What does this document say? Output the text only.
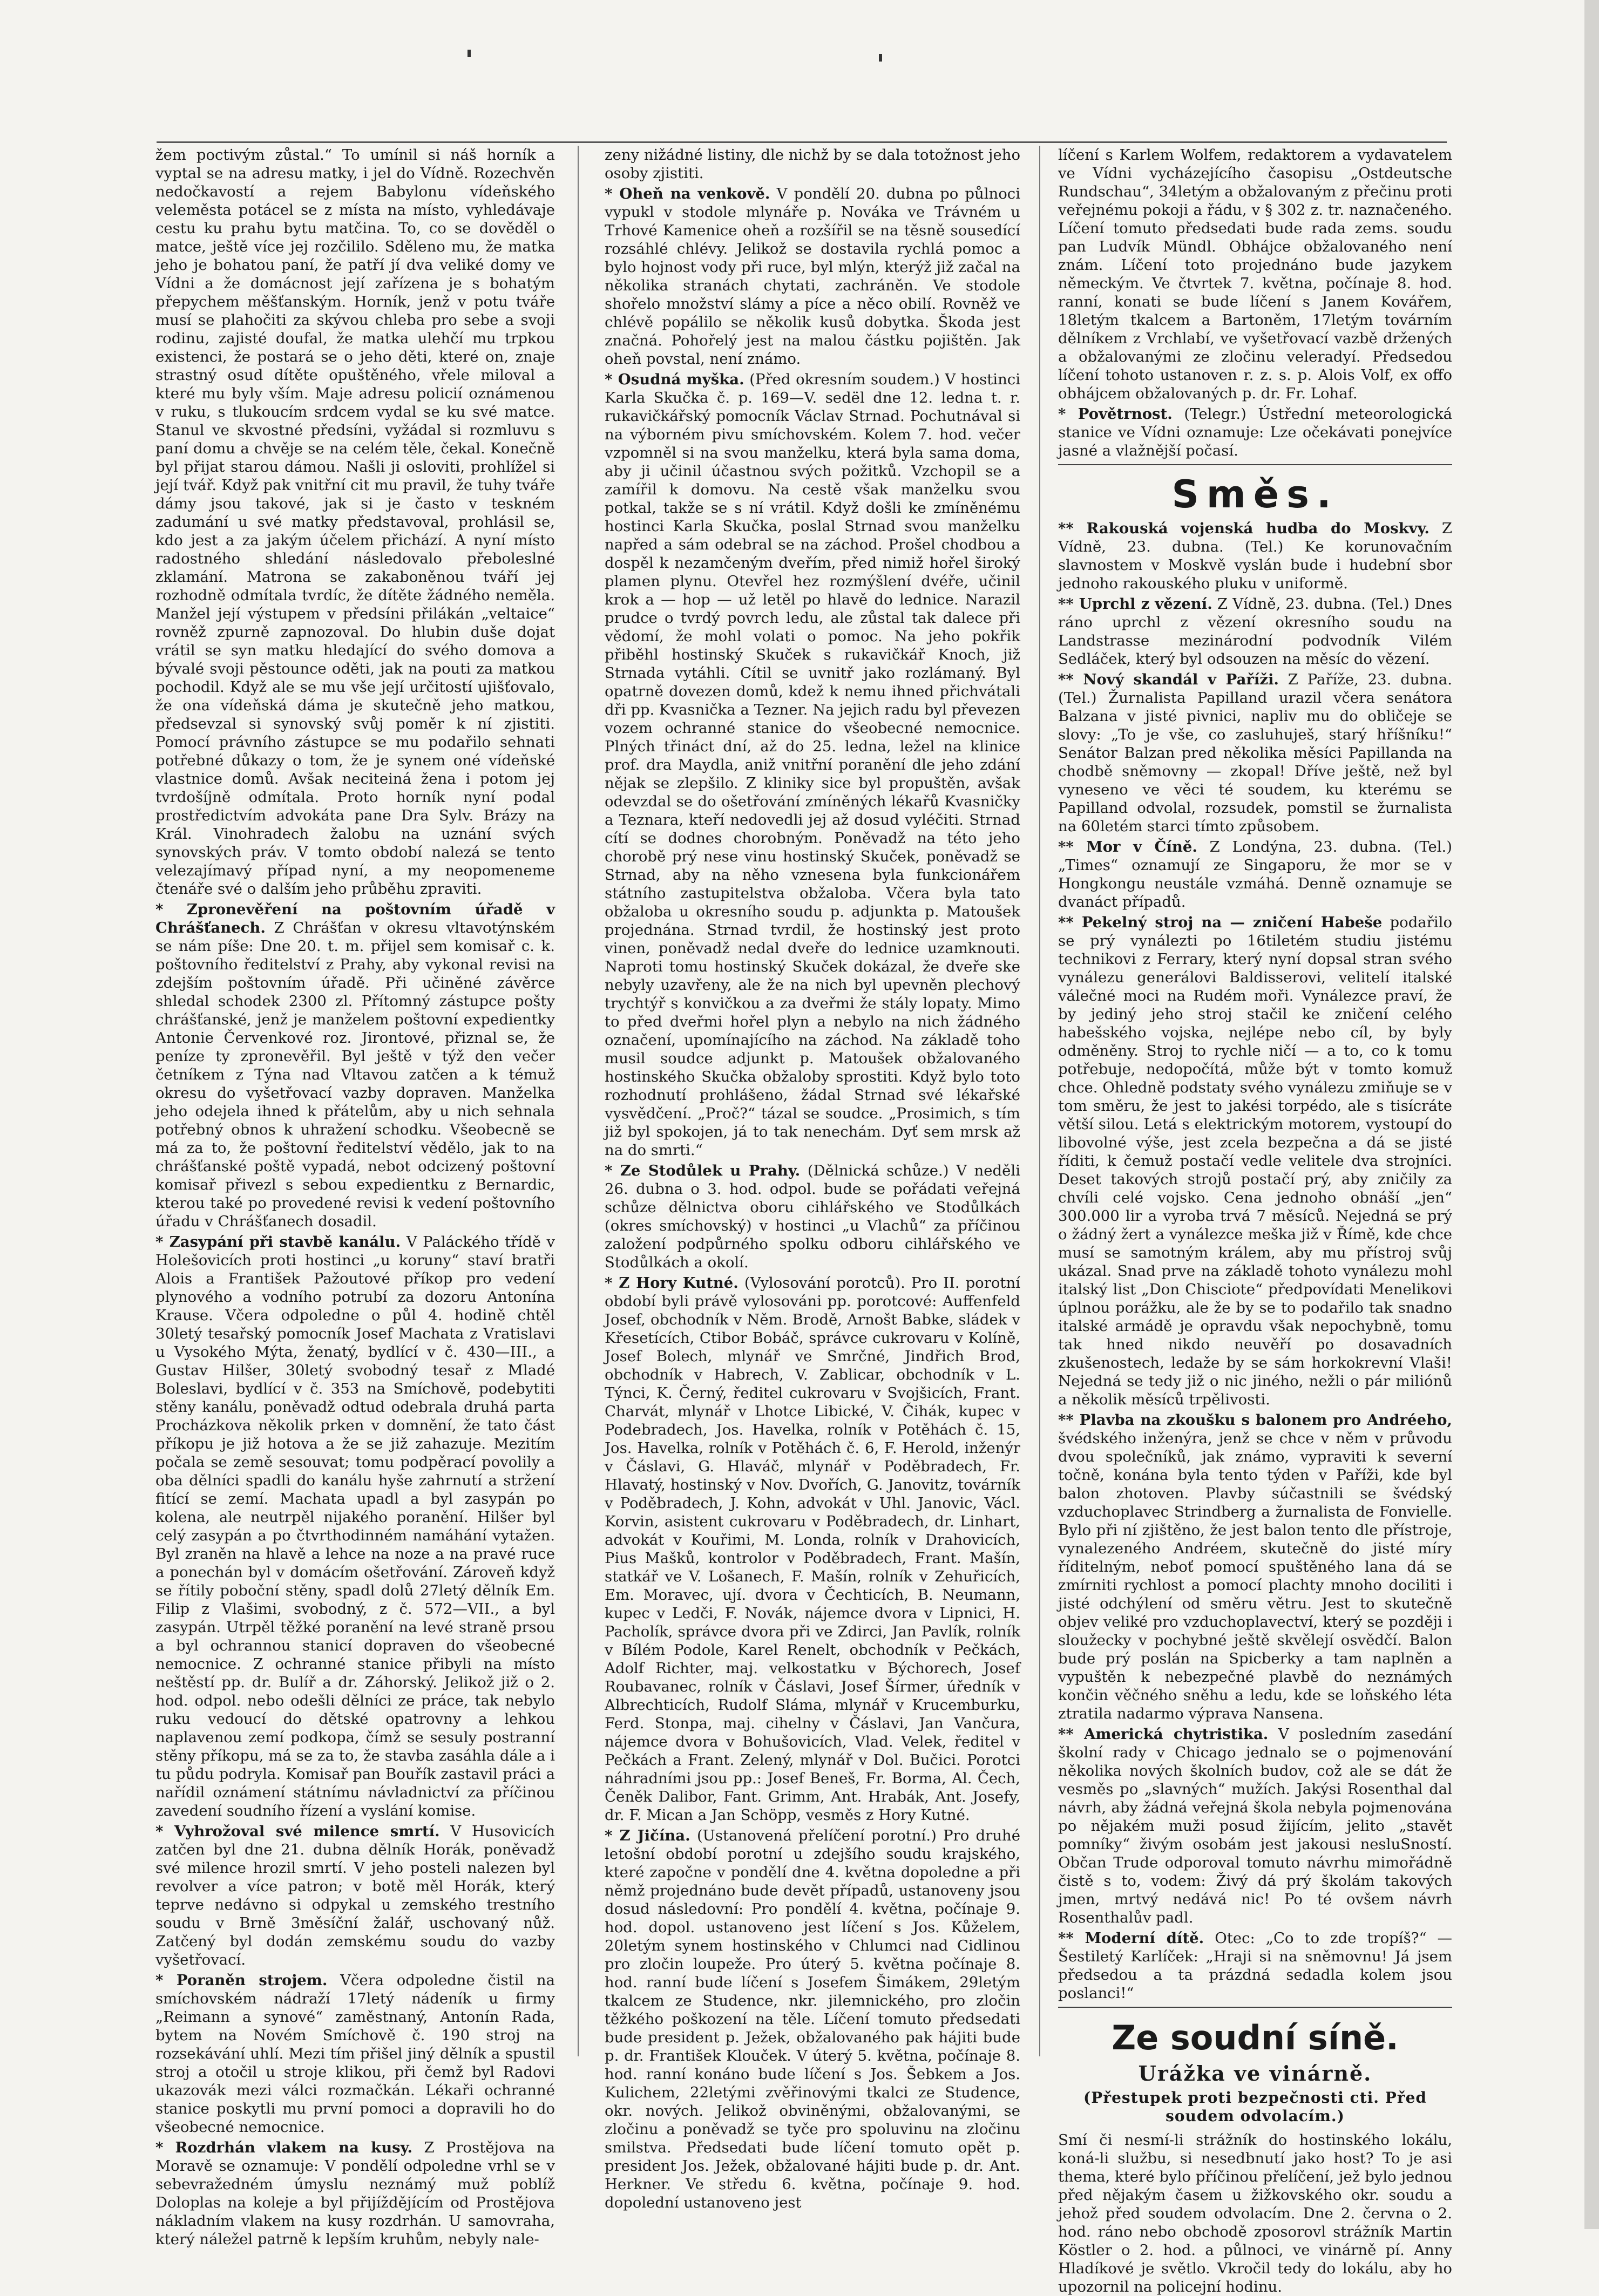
žem poctivým zůstal.“ To umínil si náš horník a vyptal se na adresu matky, i jel do Vídně. Rozechvěn nedočkavostí a rejem Babylonu vídeňského veleměsta potácel se z místa na místo, vyhledávaje cestu ku prahu bytu matčina. To, co se dověděl o matce, ještě více jej rozčililo. Sděleno mu, že matka jeho je bohatou paní, že patří jí dva veliké domy ve Vídni a že domácnost její zařízena je s bohatým přepychem měšťanským. Horník, jenž v potu tváře musí se plahočiti za skývou chleba pro sebe a svoji rodinu, zajisté doufal, že matka ulehčí mu trpkou existenci, že postará se o jeho děti, které on, znaje strastný osud dítěte opuštěného, vřele miloval a které mu byly vším. Maje adresu policií oznámenou v ruku, s tlukoucím srdcem vydal se ku své matce. Stanul ve skvostné předsíni, vyžádal si rozmluvu s paní domu a chvěje se na celém těle, čekal. Konečně byl přijat starou dámou. Našli ji osloviti, prohlížel si její tvář. Když pak vnitřní cit mu pravil, že tuhy tváře dámy jsou takové, jak si je často v teskném zadumání u své matky představoval, prohlásil se, kdo jest a za jakým účelem přichází. A nyní místo radostného shledání následovalo přeboleslné zklamání. Matrona se zakaboněnou tváří jej rozhodně odmítala tvrdíc, že dítěte žádného neměla. Manžel její výstupem v předsíni přilákán „veltaice“ rovněž zpurně zapnozoval. Do hlubin duše dojat vrátil se syn matku hledající do svého domova a bývalé svoji pěstounce oděti, jak na pouti za matkou pochodil. Když ale se mu vše její určitostí ujišťovalo, že ona vídeňská dáma je skutečně jeho matkou, předsevzal si synovský svůj poměr k ní zjistiti. Pomocí právního zástupce se mu podařilo sehnati potřebné důkazy o tom, že je synem oné vídeňské vlastnice domů. Avšak neciteiná žena i potom jej tvrdošíjně odmítala. Proto horník nyní podal prostředictvím advokáta pane Dra Sylv. Brázy na Král. Vinohradech žalobu na uznání svých synovských práv. V tomto období nalezá se tento velezajímavý případ nyní, a my neopomeneme čtenáře své o dalším jeho průběhu zpraviti.

* Zpronevěření na poštovním úřadě v Chrášťanech. Z Chrášťan v okresu vltavotýnském se nám píše: Dne 20. t. m. přijel sem komisař c. k. poštovního ředitelství z Prahy, aby vykonal revisi na zdejším poštovním úřadě. Při učiněné závěrce shledal schodek 2300 zl. Přítomný zástupce pošty chrášťanské, jenž je manželem poštovní expedientky Antonie Červenkové roz. Jirontové, přiznal se, že peníze ty zpronevěřil. Byl ještě v týž den večer četníkem z Týna nad Vltavou zatčen a k témuž okresu do vyšetřovací vazby dopraven. Manželka jeho odejela ihned k přátelům, aby u nich sehnala potřebný obnos k uhražení schodku. Všeobecně se má za to, že poštovní ředitelství vědělo, jak to na chrášťanské poště vypadá, nebot odcizený poštovní komisař přivezl s sebou expedientku z Bernardic, kterou také po provedené revisi k vedení poštovního úřadu v Chrášťanech dosadil.

* Zasypání při stavbě kanálu. V Paláckého třídě v Holešovicích proti hostinci „u koruny“ staví bratři Alois a František Pažoutové příkop pro vedení plynového a vodního potrubí za dozoru Antonína Krause. Včera odpoledne o půl 4. hodině chtěl 30letý tesařský pomocník Josef Machata z Vratislavi u Vysokého Mýta, ženatý, bydlící v č. 430—III., a Gustav Hilšer, 30letý svobodný tesař z Mladé Boleslavi, bydlící v č. 353 na Smíchově, podebytiti stěny kanálu, poněvadž odtud odebrala druhá parta Procházkova několik prken v domnění, že tato část příkopu je již hotova a že se již zahazuje. Mezitím počala se země sesouvat; tomu podpěrací povolily a oba dělníci spadli do kanálu hyše zahrnutí a stržení fitící se zemí. Machata upadl a byl zasypán po kolena, ale neutrpěl nijakého poranění. Hilšer byl celý zasypán a po čtvrthodinném namáhání vytažen. Byl zraněn na hlavě a lehce na noze a na pravé ruce a ponechán byl v domácím ošetřování. Zároveň když se řítily poboční stěny, spadl dolů 27letý dělník Em. Filip z Vlašimi, svobodný, z č. 572—VII., a byl zasypán. Utrpěl těžké poranění na levé straně prsou a byl ochrannou stanicí dopraven do všeobecné nemocnice. Z ochranné stanice přibyli na místo neštěstí pp. dr. Bulíř a dr. Záhorský. Jelikož již o 2. hod. odpol. nebo odešli dělníci ze práce, tak nebylo ruku vedoucí do dětské opatrovny a lehkou naplavenou zemí podkopa, čímž se sesuly postranní stěny příkopu, má se za to, že stavba zasáhla dále a i tu půdu podryla. Komisař pan Bouřík zastavil práci a nařídil oznámení státnímu návladnictví za příčinou zavedení soudního řízení a vyslání komise.

* Vyhrožoval své milence smrtí. V Husovicích zatčen byl dne 21. dubna dělník Horák, poněvadž své milence hrozil smrtí. V jeho posteli nalezen byl revolver a více patron; v botě měl Horák, který teprve nedávno si odpykal u zemského trestního soudu v Brně 3měsíční žalář, uschovaný nůž. Zatčený byl dodán zemskému soudu do vazby vyšetřovací.

* Poraněn strojem. Včera odpoledne čistil na smíchovském nádraží 17letý nádeník u firmy „Reimann a synové“ zaměstnaný, Antonín Rada, bytem na Novém Smíchově č. 190 stroj na rozsekávání uhlí. Mezi tím přišel jiný dělník a spustil stroj a otočil u stroje klikou, při čemž byl Radovi ukazovák mezi válci rozmačkán. Lékaři ochranné stanice poskytli mu první pomoci a dopravili ho do všeobecné nemocnice.

* Rozdrhán vlakem na kusy. Z Prostějova na Moravě se oznamuje: V pondělí odpoledne vrhl se v sebevražedném úmyslu neznámý muž poblíž Doloplas na koleje a byl přijíždějícím od Prostějova nákladním vlakem na kusy rozdrhán. U samovraha, který náležel patrně k lepším kruhům, nebyly nale-

zeny nižádné listiny, dle nichž by se dala totožnost jeho osoby zjistiti.

* Oheň na venkově. V pondělí 20. dubna po půlnoci vypukl v stodole mlynáře p. Nováka ve Trávném u Trhové Kamenice oheň a rozšířil se na těsně sousedící rozsáhlé chlévy. Jelikož se dostavila rychlá pomoc a bylo hojnost vody při ruce, byl mlýn, kterýž již začal na několika stranách chytati, zachráněn. Ve stodole shořelo množství slámy a píce a něco obilí. Rovněž ve chlévě popálilo se několik kusů dobytka. Škoda jest značná. Pohořelý jest na malou částku pojištěn. Jak oheň povstal, není známo.

* Osudná myška. (Před okresním soudem.) V hostinci Karla Skučka č. p. 169—V. sedël dne 12. ledna t. r. rukavičkářský pomocník Václav Strnad. Pochutnával si na výborném pivu smíchovském. Kolem 7. hod. večer vzpomněl si na svou manželku, která byla sama doma, aby ji učinil účastnou svých požitků. Vzchopil se a zamířil k domovu. Na cestě však manželku svou potkal, takže se s ní vrátil. Když došli ke zmíněnému hostinci Karla Skučka, poslal Strnad svou manželku napřed a sám odebral se na záchod. Prošel chodbou a dospěl k nezamčeným dveřím, před nimiž hořel široký plamen plynu. Otevřel hez rozmýšlení dvéře, učinil krok a — hop — už letěl po hlavě do lednice. Narazil prudce o tvrdý povrch ledu, ale zůstal tak dalece při vědomí, že mohl volati o pomoc. Na jeho pokřik přiběhl hostinský Skuček s rukavičkář Knoch, již Strnada vytáhli. Cítil se uvnitř jako rozlámaný. Byl opatrně dovezen domů, kdež k nemu ihned přichvátali dři pp. Kvasnička a Tezner. Na jejich radu byl převezen vozem ochranné stanice do všeobecné nemocnice. Plných třináct dní, až do 25. ledna, ležel na klinice prof. dra Maydla, aniž vnitřní poranění dle jeho zdání nějak se zlepšilo. Z kliniky sice byl propuštěn, avšak odevzdal se do ošetřování zmíněných lékařů Kvasničky a Teznara, kteří nedovedli jej až dosud vyléčiti. Strnad cítí se dodnes chorobným. Poněvadž na této jeho chorobě prý nese vinu hostinský Skuček, poněvadž se Strnad, aby na něho vznesena byla funkcionářem státního zastupitelstva obžaloba. Včera byla tato obžaloba u okresního soudu p. adjunkta p. Matoušek projednána. Strnad tvrdil, že hostinský jest proto vinen, poněvadž nedal dveře do lednice uzamknouti. Naproti tomu hostinský Skuček dokázal, že dveře ske nebyly uzavřeny, ale že na nich byl upevněn plechový trychtýř s konvičkou a za dveřmi že stály lopaty. Mimo to před dveřmi hořel plyn a nebylo na nich žádného označení, upomínajícího na záchod. Na základě toho musil soudce adjunkt p. Matoušek obžalovaného hostinského Skučka obžaloby sprostiti. Když bylo toto rozhodnutí prohlášeno, žádal Strnad své lékařské vysvědčení. „Proč?“ tázal se soudce. „Prosimich, s tím již byl spokojen, já to tak nenechám. Dyť sem mrsk až na do smrti.“

* Ze Stodůlek u Prahy. (Dělnická schůze.) V neděli 26. dubna o 3. hod. odpol. bude se pořádati veřejná schůze dělnictva oboru cihlářského ve Stodůlkách (okres smíchovský) v hostinci „u Vlachů“ za příčinou založení podpůrného spolku odboru cihlářského ve Stodůlkách a okolí.

* Z Hory Kutné. (Vylosování porotců). Pro II. porotní období byli právě vylosováni pp. porotcové: Auffenfeld Josef, obchodník v Něm. Brodě, Arnošt Babke, sládek v Křesetících, Ctibor Bobáč, správce cukrovaru v Kolíně, Josef Bolech, mlynář ve Smrčné, Jindřich Brod, obchodník v Habrech, V. Zablicar, obchodník v L. Týnci, K. Černý, ředitel cukrovaru v Svojšicích, Frant. Charvát, mlynář v Lhotce Libické, V. Čihák, kupec v Podebradech, Jos. Havelka, rolník v Potěhách č. 15, Jos. Havelka, rolník v Potěhách č. 6, F. Herold, inženýr v Čáslavi, G. Hlaváč, mlynář v Poděbradech, Fr. Hlavatý, hostinský v Nov. Dvořích, G. Janovitz, továrník v Poděbradech, J. Kohn, advokát v Uhl. Janovic, Václ. Korvin, asistent cukrovaru v Poděbradech, dr. Linhart, advokát v Kouřimi, M. Londa, rolník v Drahovicích, Pius Mašků, kontrolor v Poděbradech, Frant. Mašín, statkář ve V. Lošanech, F. Mašín, rolník v Zehuřicích, Em. Moravec, ují. dvora v Čechticích, B. Neumann, kupec v Ledči, F. Novák, nájemce dvora v Lipnici, H. Pacholík, správce dvora při ve Zdirci, Jan Pavlík, rolník v Bílém Podole, Karel Renelt, obchodník v Pečkách, Adolf Richter, maj. velkostatku v Býchorech, Josef Roubavanec, rolník v Čáslavi, Josef Šírmer, úředník v Albrechticích, Rudolf Sláma, mlynář v Krucemburku, Ferd. Stonpa, maj. cihelny v Čáslavi, Jan Vančura, nájemce dvora v Bohušovicích, Vlad. Velek, ředitel v Pečkách a Frant. Zelený, mlynář v Dol. Bučici. Porotci náhradními jsou pp.: Josef Beneš, Fr. Borma, Al. Čech, Čeněk Dalibor, Fant. Grimm, Ant. Hrabák, Ant. Josefy, dr. F. Mican a Jan Schöpp, vesměs z Hory Kutné.

* Z Jičína. (Ustanovená přelíčení porotní.) Pro druhé letošní období porotní u zdejšího soudu krajského, které započne v pondělí dne 4. května dopoledne a při němž projednáno bude devět případů, ustanoveny jsou dosud následovní: Pro pondělí 4. května, počínaje 9. hod. dopol. ustanoveno jest líčení s Jos. Kůželem, 20letým synem hostinského v Chlumci nad Cidlinou pro zločin loupeže. Pro úterý 5. května počínaje 8. hod. ranní bude líčení s Josefem Šimákem, 29letým tkalcem ze Studence, nkr. jilemnického, pro zločin těžkého poškození na těle. Líčení tomuto předsedati bude president p. Ježek, obžalovaného pak hájiti bude p. dr. František Klouček. V úterý 5. května, počínaje 8. hod. ranní konáno bude líčení s Jos. Šebkem a Jos. Kulichem, 22letými zvěřinovými tkalci ze Studence, okr. nových. Jelikož obviněnými, obžalovanými, se zločinu a poněvadž se tyče pro spoluvinu na zločinu smilstva. Předsedati bude líčení tomuto opět p. president Jos. Ježek, obžalované hájiti bude p. dr. Ant. Herkner. Ve středu 6. května, počínaje 9. hod. dopolední ustanoveno jest

líčení s Karlem Wolfem, redaktorem a vydavatelem ve Vídni vycházejícího časopisu „Ostdeutsche Rundschau“, 34letým a obžalovaným z přečinu proti veřejnému pokoji a řádu, v § 302 z. tr. naznačeného. Líčení tomuto předsedati bude rada zems. soudu pan Ludvík Mündl. Obhájce obžalovaného není znám. Líčení toto projednáno bude jazykem německým. Ve čtvrtek 7. května, počínaje 8. hod. ranní, konati se bude líčení s Janem Kovářem, 18letým tkalcem a Bartoněm, 17letým továrním dělníkem z Vrchlabí, ve vyšetřovací vazbě držených a obžalovanými ze zločinu veleradyí. Předsedou líčení tohoto ustanoven r. z. s. p. Alois Volf, ex offo obhájcem obžalovaných p. dr. Fr. Lohaf.

* Povětrnost. (Telegr.) Ústřední meteorologická stanice ve Vídni oznamuje: Lze očekávati ponejvíce jasné a vlažnější počasí.

Směs.

** Rakouská vojenská hudba do Moskvy. Z Vídně, 23. dubna. (Tel.) Ke korunovačním slavnostem v Moskvě vyslán bude i hudební sbor jednoho rakouského pluku v uniformě.

** Uprchl z vězení. Z Vídně, 23. dubna. (Tel.) Dnes ráno uprchl z vězení okresního soudu na Landstrasse mezinárodní podvodník Vilém Sedláček, který byl odsouzen na měsíc do vězení.

** Nový skandál v Paříži. Z Paříže, 23. dubna. (Tel.) Žurnalista Papilland urazil včera senátora Balzana v jisté pivnici, napliv mu do obličeje se slovy: „To je vše, co zasluhuješ, starý hříšníku!“ Senátor Balzan pred několika měsíci Papillanda na chodbě sněmovny — zkopal! Dříve ještě, než byl vyneseno ve věci té soudem, ku kterému se Papilland odvolal, rozsudek, pomstil se žurnalista na 60letém starci tímto způsobem.

** Mor v Číně. Z Londýna, 23. dubna. (Tel.) „Times“ oznamují ze Singaporu, že mor se v Hongkongu neustále vzmáhá. Denně oznamuje se dvanáct případů.

** Pekelný stroj na — zničení Habeše podařilo se prý vynálezti po 16tiletém studiu jistému technikovi z Ferrary, který nyní dopsal stran svého vynálezu generálovi Baldisserovi, velitelí italské válečné moci na Rudém moři. Vynálezce praví, že by jediný jeho stroj stačil ke zničení celého habešského vojska, nejlépe nebo cíl, by byly odměněny. Stroj to rychle ničí — a to, co k tomu potřebuje, nedopočítá, může být v tomto komuž chce. Ohledně podstaty svého vynálezu zmiňuje se v tom směru, že jest to jakési torpédo, ale s tisícráte větší silou. Letá s elektrickým motorem, vystoupí do libovolné výše, jest zcela bezpečna a dá se jisté říditi, k čemuž postačí vedle velitele dva strojníci. Deset takových strojů postačí prý, aby zničily za chvíli celé vojsko. Cena jednoho obnáší „jen“ 300.000 lir a vyroba trvá 7 měsíců. Nejedná se prý o žádný žert a vynálezce meška již v Římě, kde chce musí se samotným králem, aby mu přístroj svůj ukázal. Snad prve na základě tohoto vynálezu mohl italský list „Don Chisciote“ předpovídati Menelikovi úplnou porážku, ale že by se to podařilo tak snadno italské armádě je opravdu však nepochybně, tomu tak hned nikdo neuvěří po dosavadních zkušenostech, ledaže by se sám horkokrevní Vlaši! Nejedná se tedy již o nic jiného, nežli o pár miliónů a několik měsíců trpělivosti.

** Plavba na zkoušku s balonem pro Andréeho, švédského inženýra, jenž se chce v něm v průvodu dvou společníků, jak známo, vypraviti k severní točně, konána byla tento týden v Paříži, kde byl balon zhotoven. Plavby súčastnili se švédský vzduchoplavec Strindberg a žurnalista de Fonvielle. Bylo při ní zjištěno, že jest balon tento dle přístroje, vynalezeného Andréem, skutečně do jisté míry říditelným, neboť pomocí spuštěného lana dá se zmírniti rychlost a pomocí plachty mnoho dociliti i jisté odchýlení od směru větru. Jest to skutečně objev veliké pro vzduchoplavectví, který se později i sloužecky v pochybné ještě skvělejí osvědčí. Balon bude prý poslán na Spicberky a tam naplněn a vypuštěn k nebezpečné plavbě do neznámých končin věčného sněhu a ledu, kde se loňského léta ztratila nadarmo výprava Nansena.

** Americká chytristika. V posledním zasedání školní rady v Chicago jednalo se o pojmenování několika nových školních budov, což ale se dát že vesměs po „slavných“ mužích. Jakýsi Rosenthal dal návrh, aby žádná veřejná škola nebyla pojmenována po nějakém muži posud žijícím, jelito „stavět pomníky“ živým osobám jest jakousi nesluSností. Občan Trude odporoval tomuto návrhu mimořádně čistě s to, vodem: Živý dá prý školám takových jmen, mrtvý nedává nic! Po té ovšem návrh Rosenthalův padl.

** Moderní dítě. Otec: „Co to zde tropíš?“ — Šestiletý Karlíček: „Hraji si na sněmovnu! Já jsem předsedou a ta prázdná sedadla kolem jsou poslanci!“

Ze soudní síně.
Urážka ve vinárně.
(Přestupek proti bezpečnosti cti. Před soudem odvolacím.)

Smí či nesmí-li strážník do hostinského lokálu, koná-li službu, si nesedbnutí jako host? To je asi thema, které bylo příčinou přelíčení, jež bylo jednou před nějakým časem u žižkovského okr. soudu a jehož před soudem odvolacím. Dne 2. června o 2. hod. ráno nebo obchodě zposorovl strážník Martin Köstler o 2. hod. a půlnoci, ve vinárně pí. Anny Hladíkové je světlo. Vkročil tedy do lokálu, aby ho upozornil na policejní hodinu.
